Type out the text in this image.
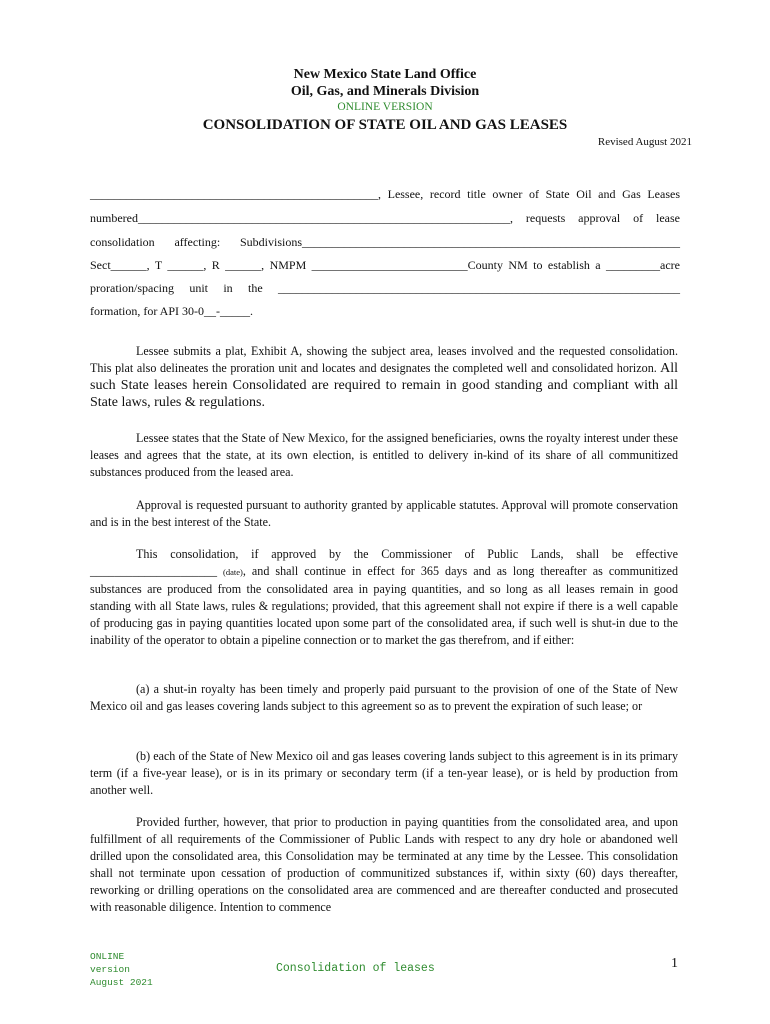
New Mexico State Land Office
Oil, Gas, and Minerals Division
ONLINE VERSION
CONSOLIDATION OF STATE OIL AND GAS LEASES
Revised August 2021
________________________________________________, Lessee, record title owner of State Oil and Gas Leases
numbered______________________________________________________________, requests approval of lease
consolidation affecting: Subdivisions_______________________________________________________________
Sect______, T ______, R ______, NMPM __________________________County NM to establish a _________acre
proration/spacing unit in the ___________________________________________________________________
formation, for API 30-0__-_____.
Lessee submits a plat, Exhibit A, showing the subject area, leases involved and the requested consolidation. This plat also delineates the proration unit and locates and designates the completed well and consolidated horizon. All such State leases herein Consolidated are required to remain in good standing and compliant with all State laws, rules & regulations.
Lessee states that the State of New Mexico, for the assigned beneficiaries, owns the royalty interest under these leases and agrees that the state, at its own election, is entitled to delivery in-kind of its share of all communitized substances produced from the leased area.
Approval is requested pursuant to authority granted by applicable statutes. Approval will promote conservation and is in the best interest of the State.
This consolidation, if approved by the Commissioner of Public Lands, shall be effective _____________________ (date), and shall continue in effect for 365 days and as long thereafter as communitized substances are produced from the consolidated area in paying quantities, and so long as all leases remain in good standing with all State laws, rules & regulations; provided, that this agreement shall not expire if there is a well capable of producing gas in paying quantities located upon some part of the consolidated area, if such well is shut-in due to the inability of the operator to obtain a pipeline connection or to market the gas therefrom, and if either:
(a) a shut-in royalty has been timely and properly paid pursuant to the provision of one of the State of New Mexico oil and gas leases covering lands subject to this agreement so as to prevent the expiration of such lease; or
(b) each of the State of New Mexico oil and gas leases covering lands subject to this agreement is in its primary term (if a five-year lease), or is in its primary or secondary term (if a ten-year lease), or is held by production from another well.
Provided further, however, that prior to production in paying quantities from the consolidated area, and upon fulfillment of all requirements of the Commissioner of Public Lands with respect to any dry hole or abandoned well drilled upon the consolidated area, this Consolidation may be terminated at any time by the Lessee. This consolidation shall not terminate upon cessation of production of communitized substances if, within sixty (60) days thereafter, reworking or drilling operations on the consolidated area are commenced and are thereafter conducted and prosecuted with reasonable diligence. Intention to commence
ONLINE
version
August 2021
Consolidation of leases	1
